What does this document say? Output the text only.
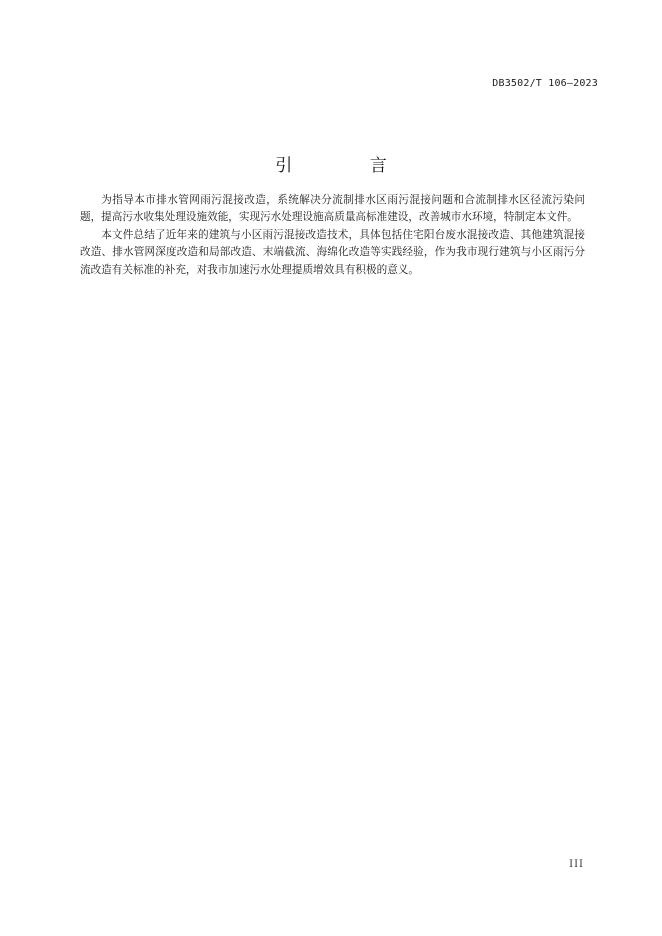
DB3502/T 106—2023
引 言

为指导本市排水管网雨污混接改造，系统解决分流制排水区雨污混接问题和合流制排水区径流污染问题，提高污水收集处理设施效能，实现污水处理设施高质量高标准建设，改善城市水环境，特制定本文件。

本文件总结了近年来的建筑与小区雨污混接改造技术，具体包括住宅阳台废水混接改造、其他建筑混接改造、排水管网深度改造和局部改造、末端截流、海绵化改造等实践经验，作为我市现行建筑与小区雨污分流改造有关标准的补充，对我市加速污水处理提质增效具有积极的意义。

III
